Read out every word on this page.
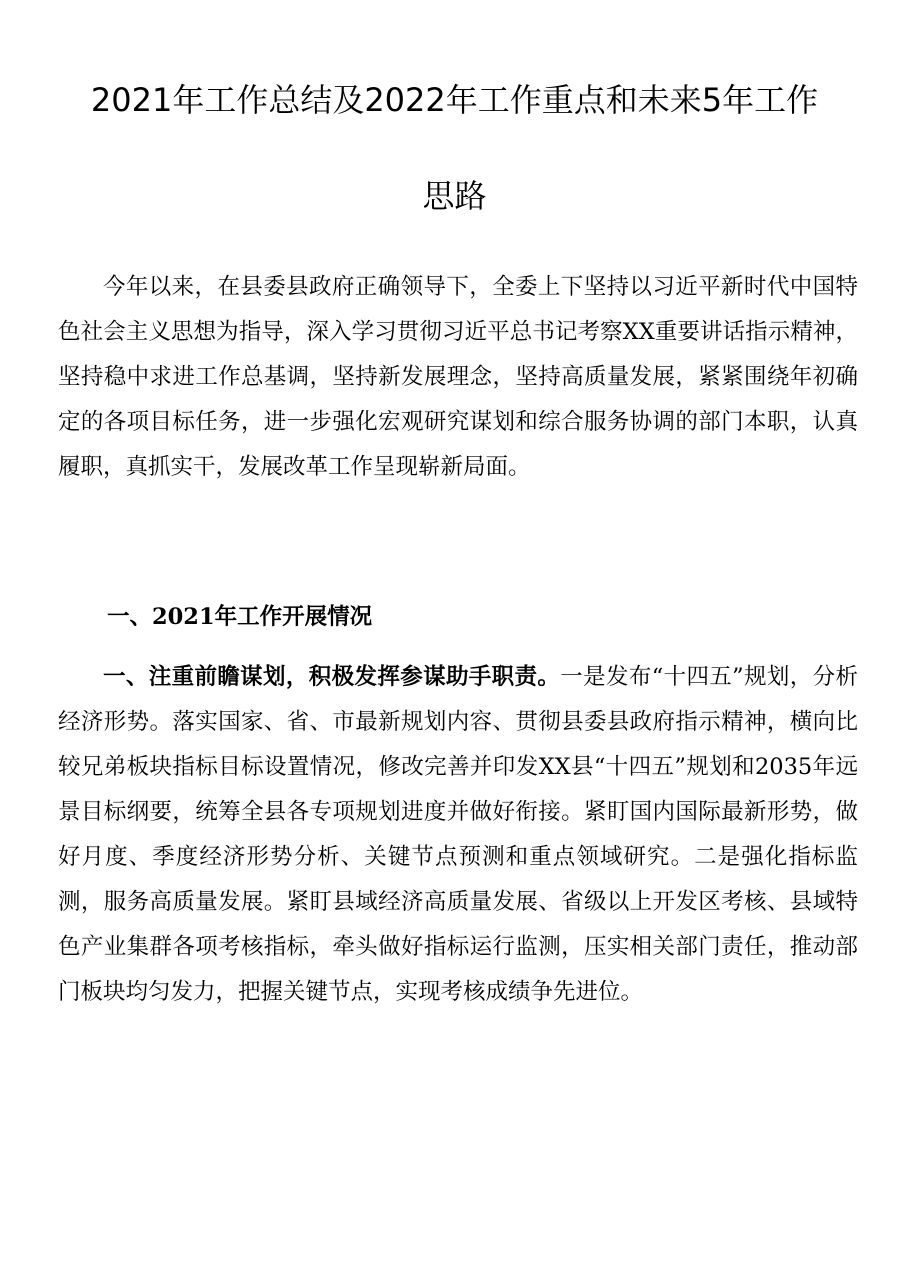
2021年工作总结及2022年工作重点和未来5年工作
思路

今年以来，在县委县政府正确领导下，全委上下坚持以习近平新时代中国特色社会主义思想为指导，深入学习贯彻习近平总书记考察XX重要讲话指示精神，坚持稳中求进工作总基调，坚持新发展理念，坚持高质量发展，紧紧围绕年初确定的各项目标任务，进一步强化宏观研究谋划和综合服务协调的部门本职，认真履职，真抓实干，发展改革工作呈现崭新局面。

一、2021年工作开展情况

一、注重前瞻谋划，积极发挥参谋助手职责。一是发布“十四五”规划，分析经济形势。落实国家、省、市最新规划内容、贯彻县委县政府指示精神，横向比较兄弟板块指标目标设置情况，修改完善并印发XX县“十四五”规划和2035年远景目标纲要，统筹全县各专项规划进度并做好衔接。紧盯国内国际最新形势，做好月度、季度经济形势分析、关键节点预测和重点领域研究。二是强化指标监测，服务高质量发展。紧盯县域经济高质量发展、省级以上开发区考核、县域特色产业集群各项考核指标，牵头做好指标运行监测，压实相关部门责任，推动部门板块均匀发力，把握关键节点，实现考核成绩争先进位。
